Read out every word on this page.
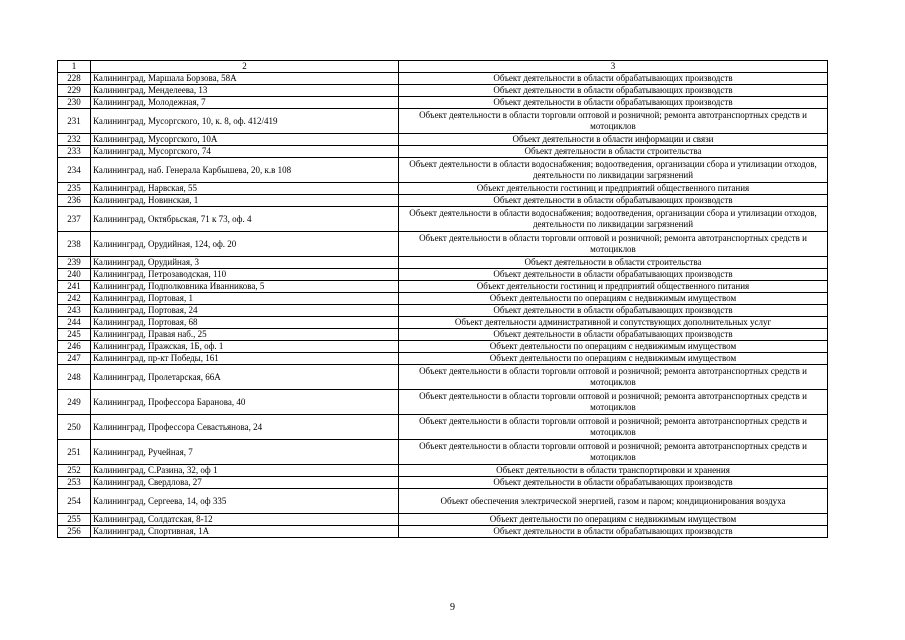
1	2	3
228	Калининград, Маршала Борзова, 58А	Объект деятельности в области обрабатывающих производств
229	Калининград, Менделеева, 13	Объект деятельности в области обрабатывающих производств
230	Калининград, Молодежная, 7	Объект деятельности в области обрабатывающих производств
231	Калининград, Мусоргского, 10, к. 8, оф. 412/419	Объект деятельности в области торговли оптовой и розничной; ремонта автотранспортных средств и мотоциклов
232	Калининград, Мусоргского, 10А	Объект деятельности в области информации и связи
233	Калининград, Мусоргского, 74	Объект деятельности в области строительства
234	Калининград, наб. Генерала Карбышева, 20, к.в 108	Объект деятельности в области водоснабжения; водоотведения, организации сбора и утилизации отходов, деятельности по ликвидации загрязнений
235	Калининград, Нарвская, 55	Объект деятельности гостиниц и предприятий общественного питания
236	Калининград, Новинская, 1	Объект деятельности в области обрабатывающих производств
237	Калининград, Октябрьская, 71 к 73, оф. 4	Объект деятельности в области водоснабжения; водоотведения, организации сбора и утилизации отходов, деятельности по ликвидации загрязнений
238	Калининград, Орудийная, 124, оф. 20	Объект деятельности в области торговли оптовой и розничной; ремонта автотранспортных средств и мотоциклов
239	Калининград, Орудийная, 3	Объект деятельности в области строительства
240	Калининград, Петрозаводская, 110	Объект деятельности в области обрабатывающих производств
241	Калининград, Подполковника Иванникова, 5	Объект деятельности гостиниц и предприятий общественного питания
242	Калининград, Портовая, 1	Объект деятельности по операциям с недвижимым имуществом
243	Калининград, Портовая, 24	Объект деятельности в области обрабатывающих производств
244	Калининград, Портовая, 68	Объект деятельности административной и сопутствующих дополнительных услуг
245	Калининград, Правая наб., 25	Объект деятельности в области обрабатывающих производств
246	Калининград, Пражская, 1Б, оф. 1	Объект деятельности по операциям с недвижимым имуществом
247	Калининград, пр-кт Победы, 161	Объект деятельности по операциям с недвижимым имуществом
248	Калининград, Пролетарская, 66А	Объект деятельности в области торговли оптовой и розничной; ремонта автотранспортных средств и мотоциклов
249	Калининград, Профессора Баранова, 40	Объект деятельности в области торговли оптовой и розничной; ремонта автотранспортных средств и мотоциклов
250	Калининград, Профессора Севастьянова, 24	Объект деятельности в области торговли оптовой и розничной; ремонта автотранспортных средств и мотоциклов
251	Калининград, Ручейная, 7	Объект деятельности в области торговли оптовой и розничной; ремонта автотранспортных средств и мотоциклов
252	Калининград, С.Разина, 32, оф 1	Объект деятельности в области транспортировки и хранения
253	Калининград, Свердлова, 27	Объект деятельности в области обрабатывающих производств
254	Калининград, Сергеева, 14, оф 335	Объект обеспечения электрической энергией, газом и паром; кондиционирования воздуха
255	Калининград, Солдатская, 8-12	Объект деятельности по операциям с недвижимым имуществом
256	Калининград, Спортивная, 1А	Объект деятельности в области обрабатывающих производств
9
